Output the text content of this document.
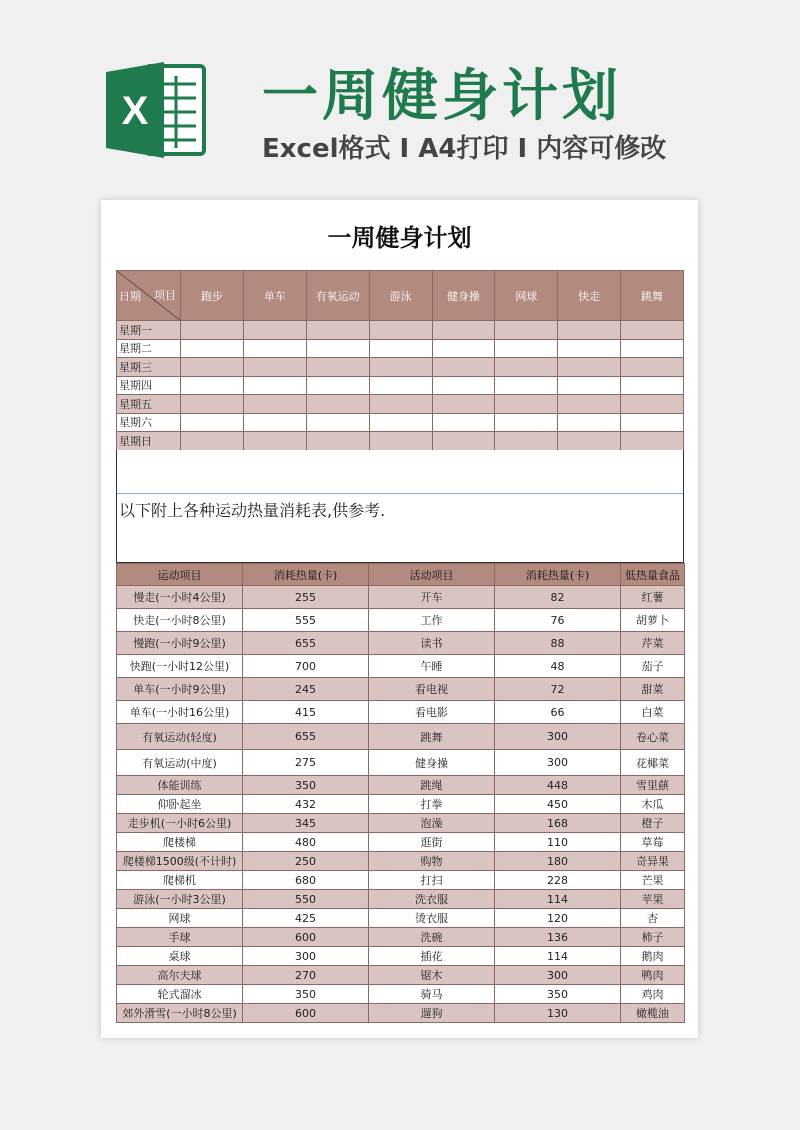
X 一周健身计划
Excel格式 Ⅰ A4打印 Ⅰ 内容可修改
一周健身计划
日期 项目	跑步	单车	有氧运动	游泳	健身操	网球	快走	跳舞
星期一								
星期二								
星期三								
星期四								
星期五								
星期六								
星期日								
以下附上各种运动热量消耗表,供参考.
运动项目	消耗热量(卡)	活动项目	消耗热量(卡)	低热量食品
慢走(一小时4公里)	255	开车	82	红薯
快走(一小时8公里)	555	工作	76	胡萝卜
慢跑(一小时9公里)	655	读书	88	芹菜
快跑(一小时12公里)	700	午睡	48	茄子
单车(一小时9公里)	245	看电视	72	甜菜
单车(一小时16公里)	415	看电影	66	白菜
有氧运动(轻度)	655	跳舞	300	卷心菜
有氧运动(中度)	275	健身操	300	花椰菜
体能训练	350	跳绳	448	雪里蕻
仰卧起坐	432	打拳	450	木瓜
走步机(一小时6公里)	345	泡澡	168	橙子
爬楼梯	480	逛街	110	草莓
爬楼梯1500级(不计时)	250	购物	180	奇异果
爬梯机	680	打扫	228	芒果
游泳(一小时3公里)	550	洗衣服	114	苹果
网球	425	烫衣服	120	杏
手球	600	洗碗	136	柿子
桌球	300	插花	114	鹅肉
高尔夫球	270	锯木	300	鸭肉
轮式溜冰	350	骑马	350	鸡肉
郊外滑雪(一小时8公里)	600	遛狗	130	橄榄油
